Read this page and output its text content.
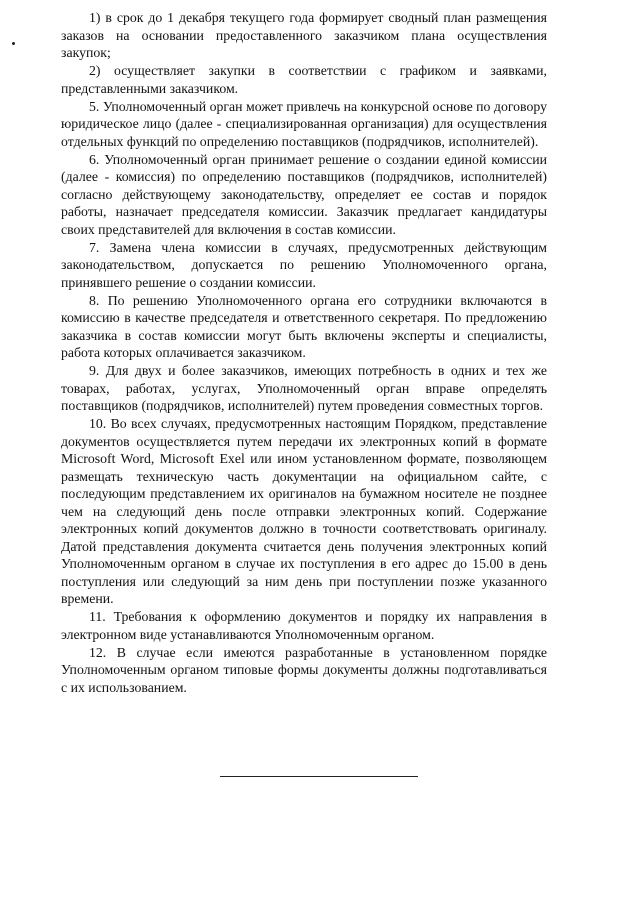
1) в срок до 1 декабря текущего года формирует сводный план размещения заказов на основании предоставленного заказчиком плана осуществления закупок;

2) осуществляет закупки в соответствии с графиком и заявками, представленными заказчиком.

5. Уполномоченный орган может привлечь на конкурсной основе по договору юридическое лицо (далее - специализированная организация) для осуществления отдельных функций по определению поставщиков (подрядчиков, исполнителей).

6. Уполномоченный орган принимает решение о создании единой комиссии (далее - комиссия) по определению поставщиков (подрядчиков, исполнителей) согласно действующему законодательству, определяет ее состав и порядок работы, назначает председателя комиссии. Заказчик предлагает кандидатуры своих представителей для включения в состав комиссии.

7. Замена члена комиссии в случаях, предусмотренных действующим законодательством, допускается по решению Уполномоченного органа, принявшего решение о создании комиссии.

8. По решению Уполномоченного органа его сотрудники включаются в комиссию в качестве председателя и ответственного секретаря. По предложению заказчика в состав комиссии могут быть включены эксперты и специалисты, работа которых оплачивается заказчиком.

9. Для двух и более заказчиков, имеющих потребность в одних и тех же товарах, работах, услугах, Уполномоченный орган вправе определять поставщиков (подрядчиков, исполнителей) путем проведения совместных торгов.

10. Во всех случаях, предусмотренных настоящим Порядком, представление документов осуществляется путем передачи их электронных копий в формате Microsoft Word, Microsoft Exel или ином установленном формате, позволяющем размещать техническую часть документации на официальном сайте, с последующим представлением их оригиналов на бумажном носителе не позднее чем на следующий день после отправки электронных копий. Содержание электронных копий документов должно в точности соответствовать оригиналу. Датой представления документа считается день получения электронных копий Уполномоченным органом в случае их поступления в его адрес до 15.00 в день поступления или следующий за ним день при поступлении позже указанного времени.

11. Требования к оформлению документов и порядку их направления в электронном виде устанавливаются Уполномоченным органом.

12. В случае если имеются разработанные в установленном порядке Уполномоченным органом типовые формы документы должны подготавливаться с их использованием.
